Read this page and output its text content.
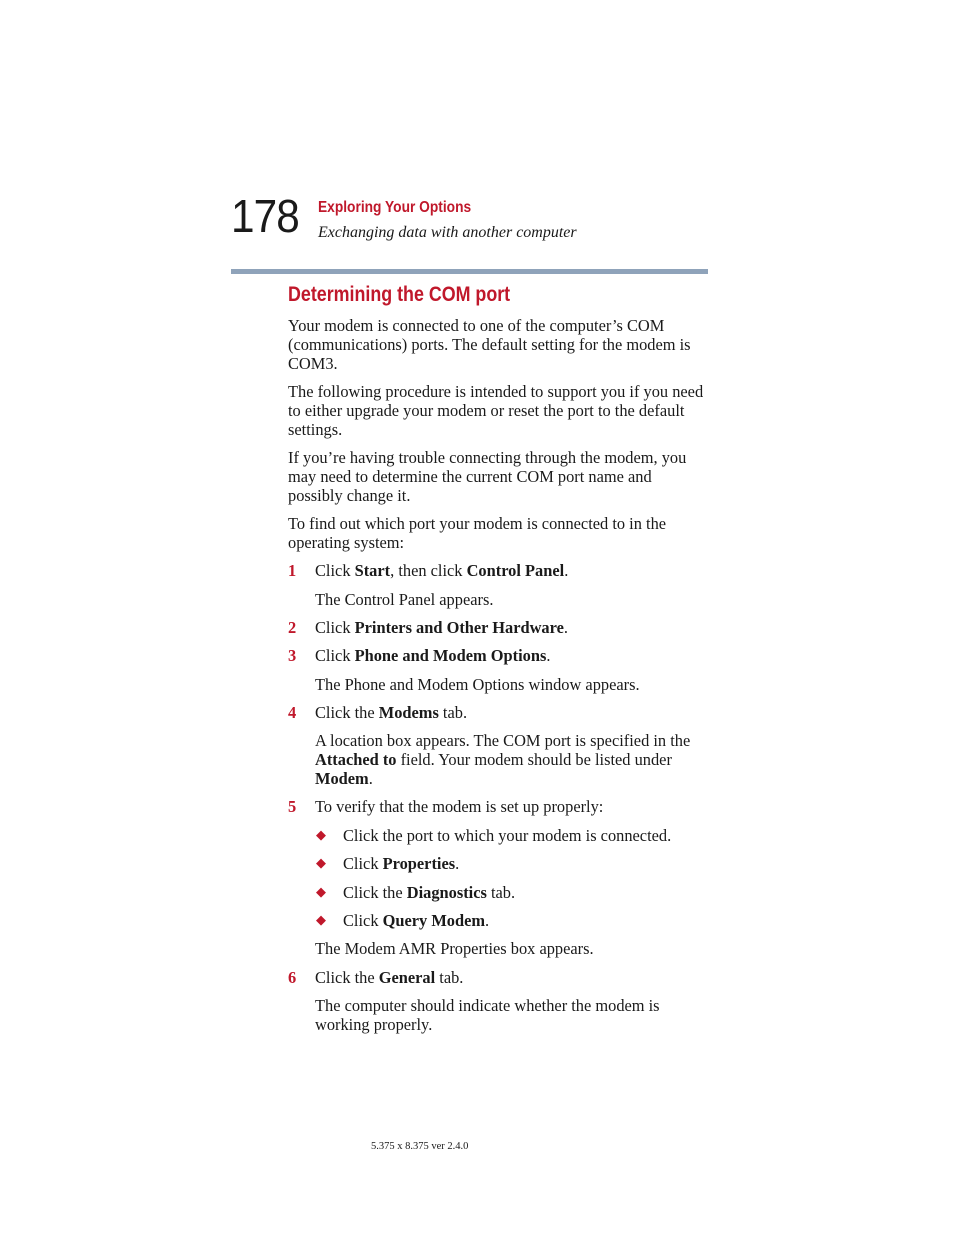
178 Exploring Your Options
Exchanging data with another computer
Determining the COM port

Your modem is connected to one of the computer’s COM (communications) ports. The default setting for the modem is COM3.

The following procedure is intended to support you if you need to either upgrade your modem or reset the port to the default settings.

If you’re having trouble connecting through the modem, you may need to determine the current COM port name and possibly change it.

To find out which port your modem is connected to in the operating system:

1 Click Start, then click Control Panel.
The Control Panel appears.
2 Click Printers and Other Hardware.
3 Click Phone and Modem Options.
The Phone and Modem Options window appears.
4 Click the Modems tab.
A location box appears. The COM port is specified in the Attached to field. Your modem should be listed under Modem.
5 To verify that the modem is set up properly:
◆ Click the port to which your modem is connected.
◆ Click Properties.
◆ Click the Diagnostics tab.
◆ Click Query Modem.
The Modem AMR Properties box appears.
6 Click the General tab.
The computer should indicate whether the modem is working properly.
5.375 x 8.375 ver 2.4.0
